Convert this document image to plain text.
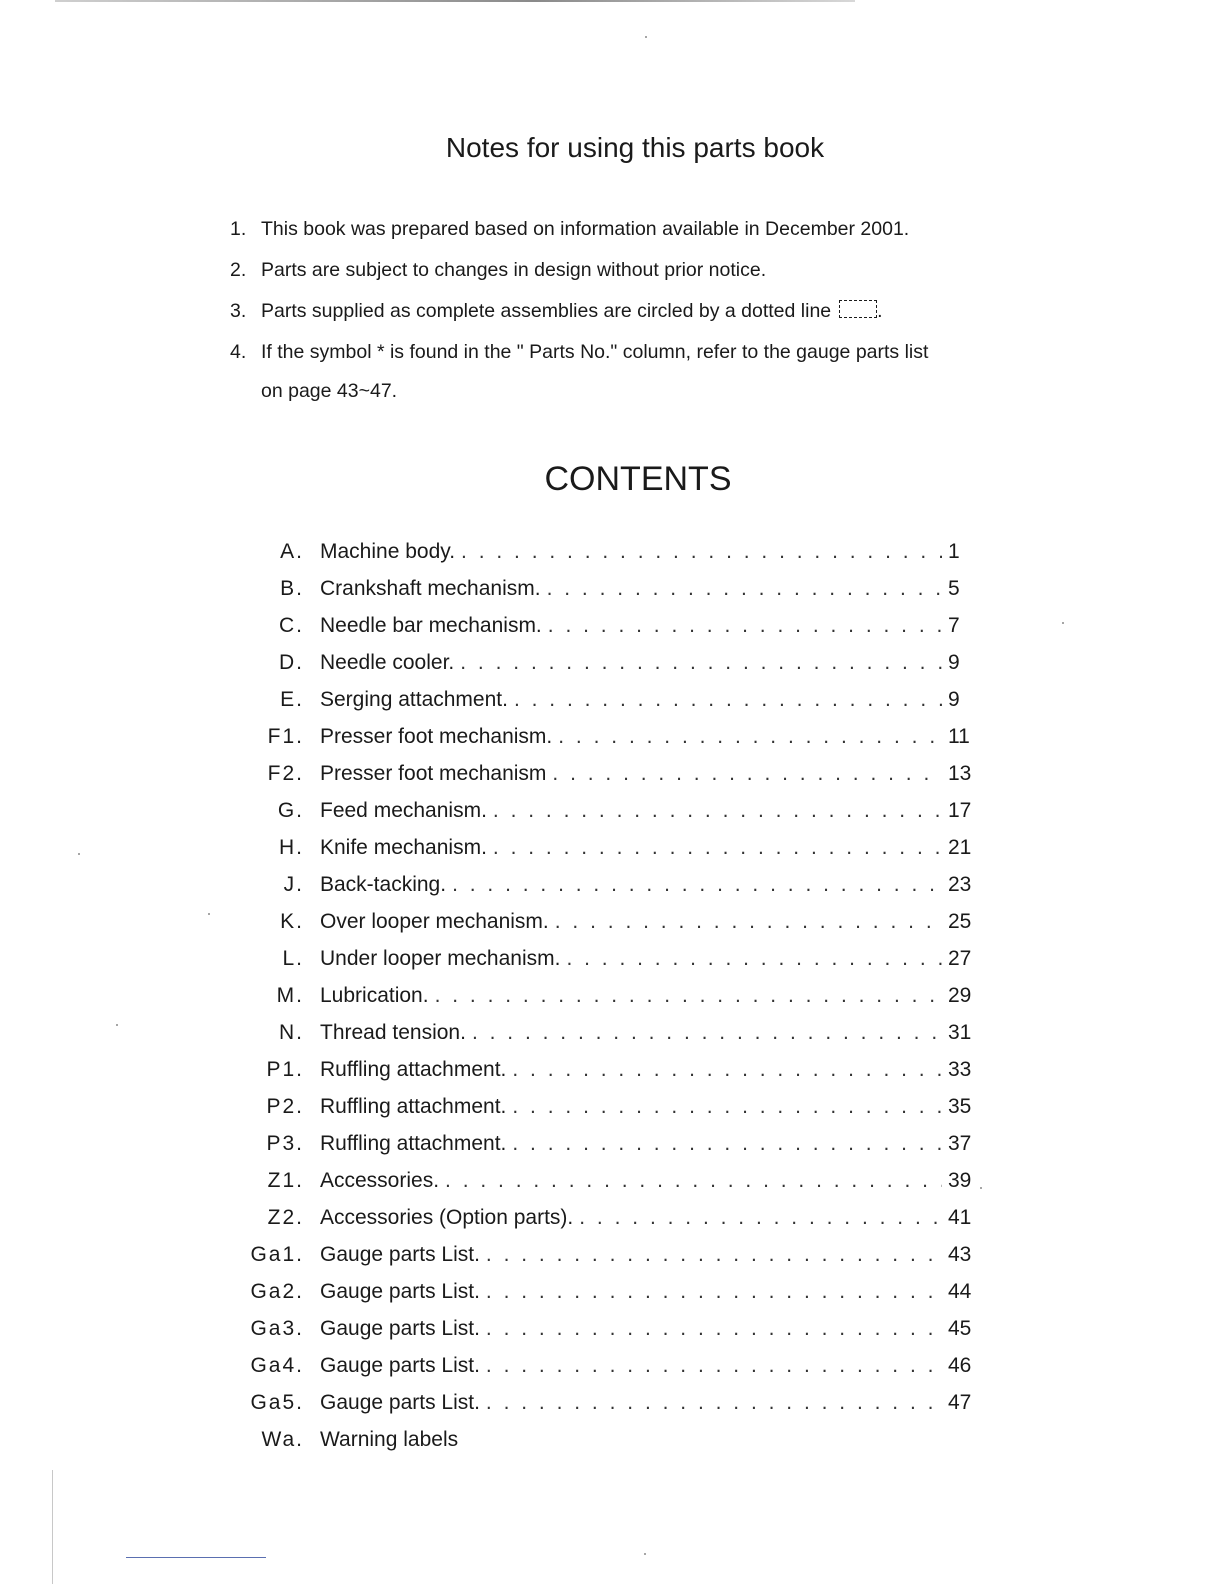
Notes for using this parts book
1. This book was prepared based on information available in December 2001.
2. Parts are subject to changes in design without prior notice.
3. Parts supplied as complete assemblies are circled by a dotted line .
4. If the symbol * is found in the " Parts No." column, refer to the gauge parts list
on page 43~47.
CONTENTS
A. Machine body. . . .	1
B. Crankshaft mechanism. . . .	5
C. Needle bar mechanism. . . .	7
D. Needle cooler. . . .	9
E. Serging attachment. . . .	9
F1. Presser foot mechanism. . . .	11
F2. Presser foot mechanism . . .	13
G. Feed mechanism. . . .	17
H. Knife mechanism. . . .	21
J. Back-tacking. . . .	23
K. Over looper mechanism. . . .	25
L. Under looper mechanism. . . .	27
M. Lubrication. . . .	29
N. Thread tension. . . .	31
P1. Ruffling attachment. . . .	33
P2. Ruffling attachment. . . .	35
P3. Ruffling attachment. . . .	37
Z1. Accessories. . . .	39
Z2. Accessories (Option parts). . . .	41
Ga1. Gauge parts List. . . .	43
Ga2. Gauge parts List. . . .	44
Ga3. Gauge parts List. . . .	45
Ga4. Gauge parts List. . . .	46
Ga5. Gauge parts List. . . .	47
Wa. Warning labels
